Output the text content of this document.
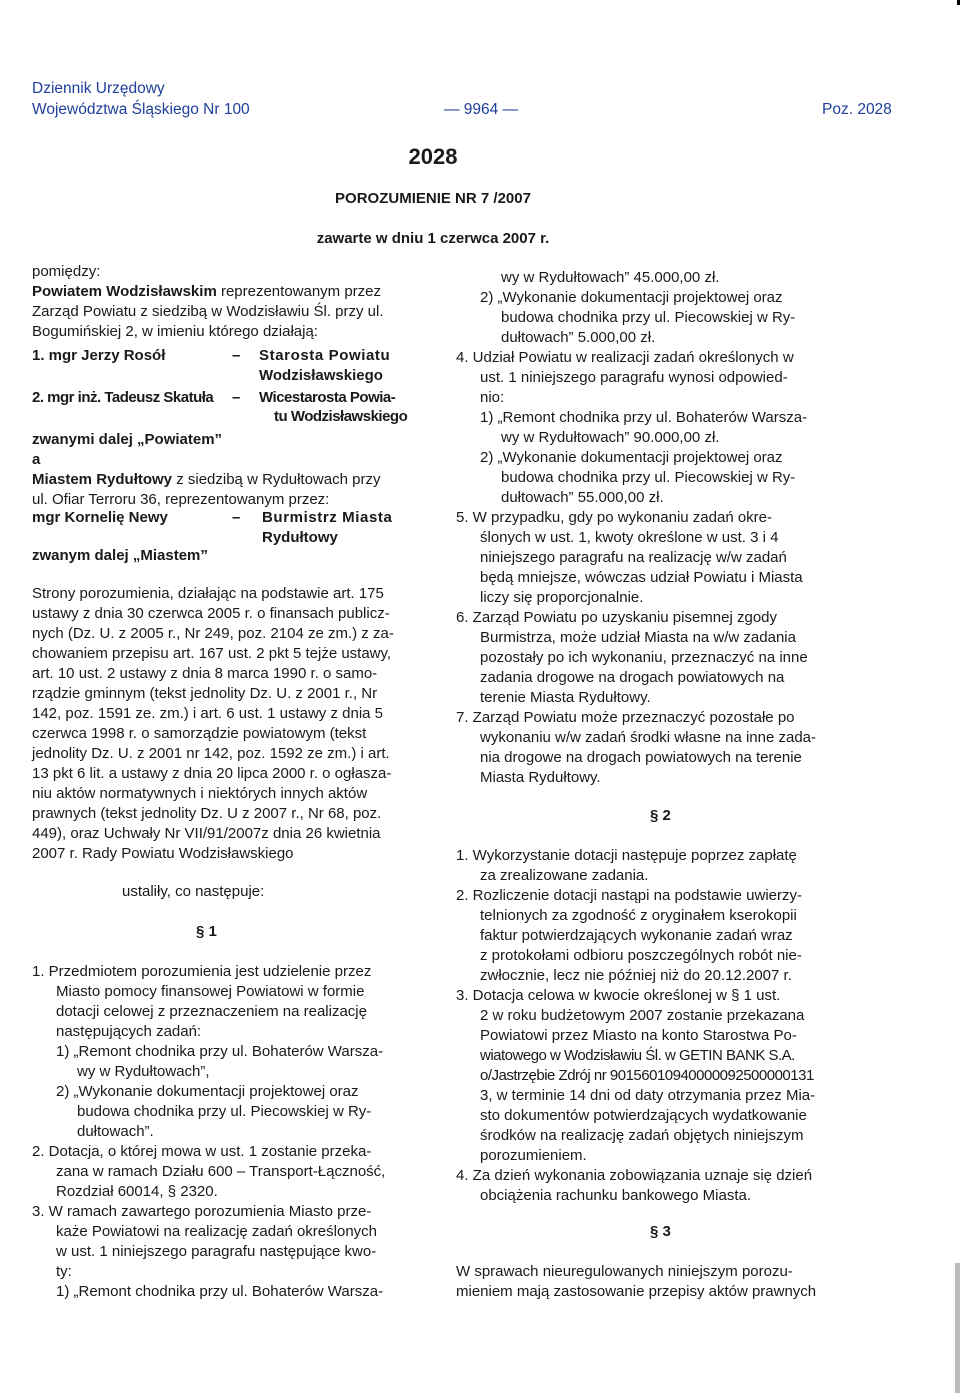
Dziennik Urzędowy
Województwa Śląskiego Nr 100	— 9964 —	Poz. 2028
2028
POROZUMIENIE NR 7 /2007
zawarte w dniu 1 czerwca 2007 r.
pomiędzy:
Powiatem Wodzisławskim reprezentowanym przez
Zarząd Powiatu z siedzibą w Wodzisławiu Śl. przy ul.
Bogumińskiej 2, w imieniu którego działają:
1. mgr Jerzy Rosół	– Starosta Powiatu
Wodzisławskiego
2. mgr inż. Tadeusz Skatuła – Wicestarosta Powia-
tu Wodzisławskiego
zwanymi dalej „Powiatem”
a
Miastem Rydułtowy z siedzibą w Rydułtowach przy
ul. Ofiar Terroru 36, reprezentowanym przez:
mgr Kornelię Newy	– Burmistrz Miasta
Rydułtowy
zwanym dalej „Miastem”
Strony porozumienia, działając na podstawie art. 175
ustawy z dnia 30 czerwca 2005 r. o finansach publicz-
nych (Dz. U. z 2005 r., Nr 249, poz. 2104 ze zm.) z za-
chowaniem przepisu art. 167 ust. 2 pkt 5 tejże ustawy,
art. 10 ust. 2 ustawy z dnia 8 marca 1990 r. o samo-
rządzie gminnym (tekst jednolity Dz. U. z 2001 r., Nr
142, poz. 1591 ze. zm.) i art. 6 ust. 1 ustawy z dnia 5
czerwca 1998 r. o samorządzie powiatowym (tekst
jednolity Dz. U. z 2001 nr 142, poz. 1592 ze zm.) i art.
13 pkt 6 lit. a ustawy z dnia 20 lipca 2000 r. o ogłasza-
niu aktów normatywnych i niektórych innych aktów
prawnych (tekst jednolity Dz. U z 2007 r., Nr 68, poz.
449), oraz Uchwały Nr VII/91/2007z dnia 26 kwietnia
2007 r. Rady Powiatu Wodzisławskiego
ustaliły, co następuje:
§ 1
1. Przedmiotem porozumienia jest udzielenie przez
Miasto pomocy finansowej Powiatowi w formie
dotacji celowej z przeznaczeniem na realizację
następujących zadań:
1) „Remont chodnika przy ul. Bohaterów Warsza-
wy w Rydułtowach”,
2) „Wykonanie dokumentacji projektowej oraz
budowa chodnika przy ul. Piecowskiej w Ry-
dułtowach”.
2. Dotacja, o której mowa w ust. 1 zostanie przeka-
zana w ramach Działu 600 – Transport-Łączność,
Rozdział 60014, § 2320.
3. W ramach zawartego porozumienia Miasto prze-
każe Powiatowi na realizację zadań określonych
w ust. 1 niniejszego paragrafu następujące kwo-
ty:
1) „Remont chodnika przy ul. Bohaterów Warsza-
wy w Rydułtowach” 45.000,00 zł.
2) „Wykonanie dokumentacji projektowej oraz
budowa chodnika przy ul. Piecowskiej w Ry-
dułtowach” 5.000,00 zł.
4. Udział Powiatu w realizacji zadań określonych w
ust. 1 niniejszego paragrafu wynosi odpowied-
nio:
1) „Remont chodnika przy ul. Bohaterów Warsza-
wy w Rydułtowach” 90.000,00 zł.
2) „Wykonanie dokumentacji projektowej oraz
budowa chodnika przy ul. Piecowskiej w Ry-
dułtowach” 55.000,00 zł.
5. W przypadku, gdy po wykonaniu zadań okre-
ślonych w ust. 1, kwoty określone w ust. 3 i 4
niniejszego paragrafu na realizację w/w zadań
będą mniejsze, wówczas udział Powiatu i Miasta
liczy się proporcjonalnie.
6. Zarząd Powiatu po uzyskaniu pisemnej zgody
Burmistrza, może udział Miasta na w/w zadania
pozostały po ich wykonaniu, przeznaczyć na inne
zadania drogowe na drogach powiatowych na
terenie Miasta Rydułtowy.
7. Zarząd Powiatu może przeznaczyć pozostałe po
wykonaniu w/w zadań środki własne na inne zada-
nia drogowe na drogach powiatowych na terenie
Miasta Rydułtowy.
§ 2
1. Wykorzystanie dotacji następuje poprzez zapłatę
za zrealizowane zadania.
2. Rozliczenie dotacji nastąpi na podstawie uwierzy-
telnionych za zgodność z oryginałem kserokopii
faktur potwierdzających wykonanie zadań wraz
z protokołami odbioru poszczególnych robót nie-
zwłocznie, lecz nie później niż do 20.12.2007 r.
3. Dotacja celowa w kwocie określonej w § 1 ust.
2 w roku budżetowym 2007 zostanie przekazana
Powiatowi przez Miasto na konto Starostwa Po-
wiatowego w Wodzisławiu Śl. w GETIN BANK S.A.
o/Jastrzębie Zdrój nr 90156010940000092500000131
3, w terminie 14 dni od daty otrzymania przez Mia-
sto dokumentów potwierdzających wydatkowanie
środków na realizację zadań objętych niniejszym
porozumieniem.
4. Za dzień wykonania zobowiązania uznaje się dzień
obciążenia rachunku bankowego Miasta.
§ 3
W sprawach nieuregulowanych niniejszym porozu-
mieniem mają zastosowanie przepisy aktów prawnych
